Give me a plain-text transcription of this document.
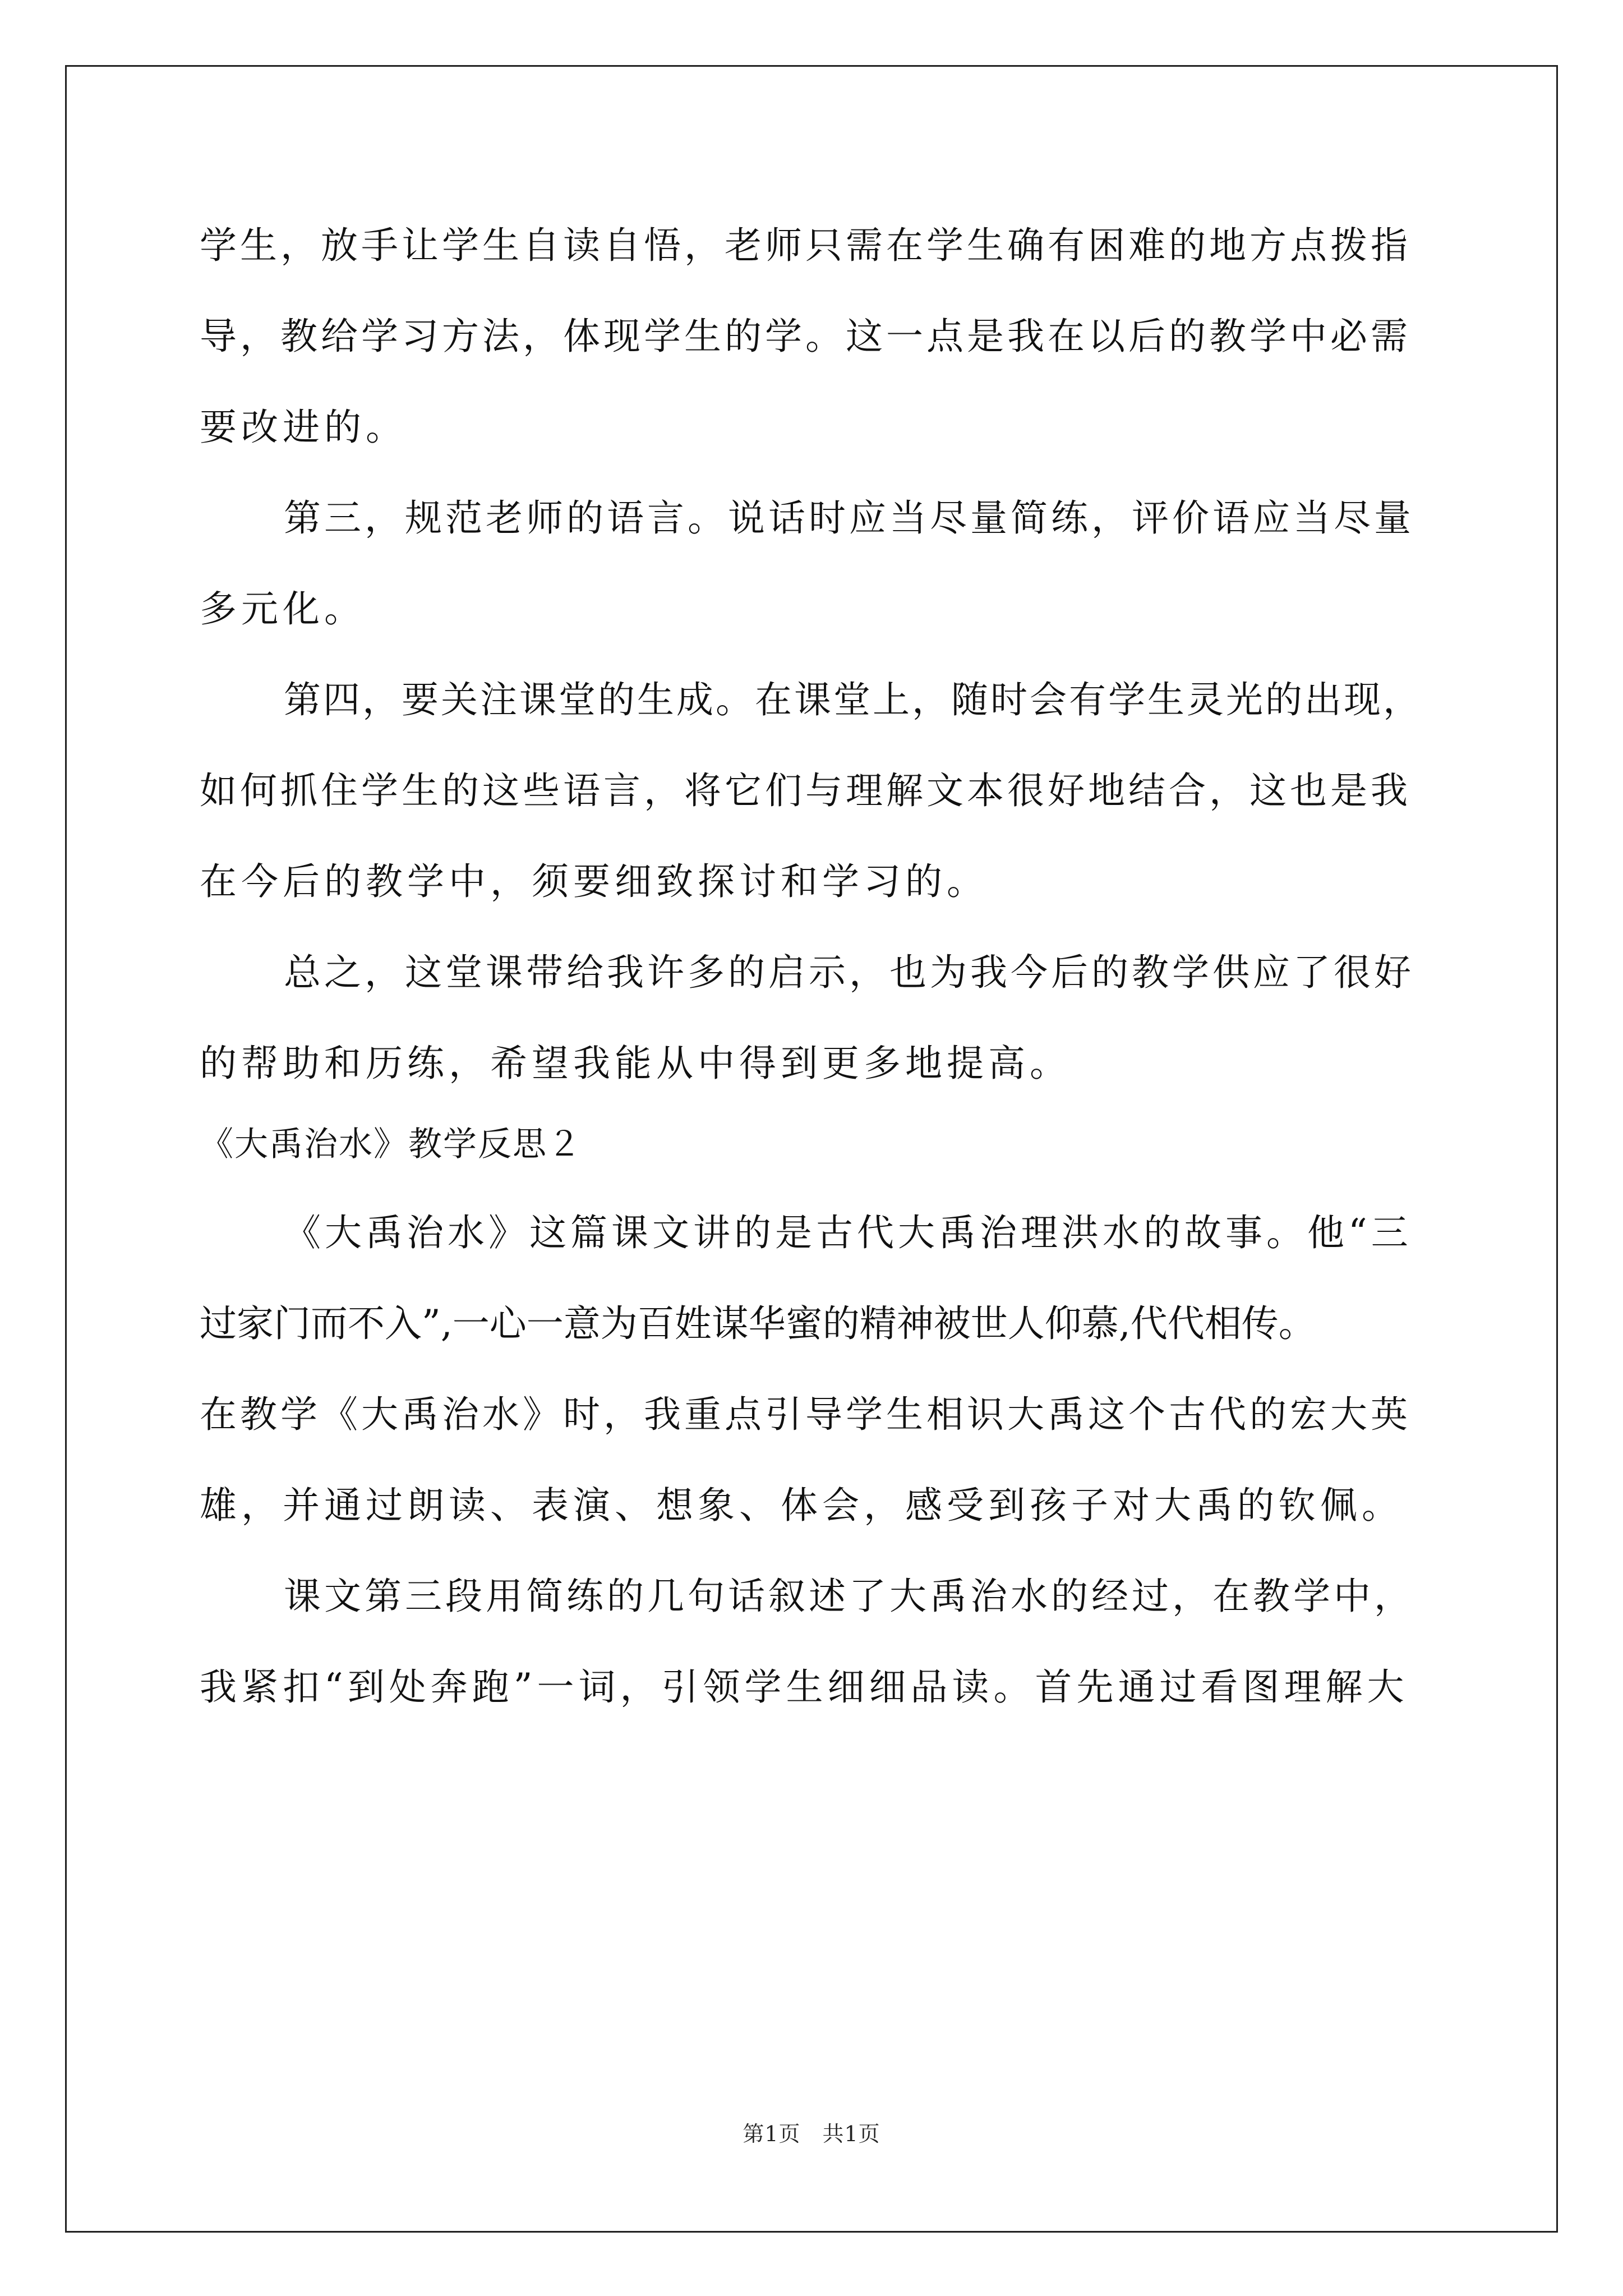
学生，放手让学生自读自悟，老师只需在学生确有困难的地方点拨指
导，教给学习方法，体现学生的学。这一点是我在以后的教学中必需
要改进的。
第三，规范老师的语言。说话时应当尽量简练，评价语应当尽量
多元化。
第四，要关注课堂的生成。在课堂上，随时会有学生灵光的出现，
如何抓住学生的这些语言，将它们与理解文本很好地结合，这也是我
在今后的教学中，须要细致探讨和学习的。
总之，这堂课带给我许多的启示，也为我今后的教学供应了很好
的帮助和历练，希望我能从中得到更多地提高。
《大禹治水》教学反思２
《大禹治水》这篇课文讲的是古代大禹治理洪水的故事。他“三
过家门而不入”,一心一意为百姓谋华蜜的精神被世人仰慕,代代相传。
在教学《大禹治水》时，我重点引导学生相识大禹这个古代的宏大英
雄，并通过朗读、表演、想象、体会，感受到孩子对大禹的钦佩。
课文第三段用简练的几句话叙述了大禹治水的经过，在教学中，
我紧扣“到处奔跑”一词，引领学生细细品读。首先通过看图理解大
第1页　共1页
